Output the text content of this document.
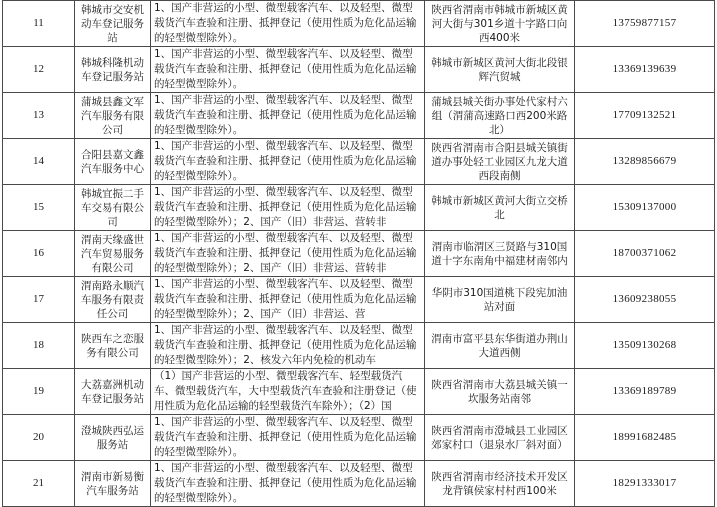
11	韩城市交安机动车登记服务站	1、国产非营运的小型、微型载客汽车、以及轻型、微型载货汽车查验和注册、抵押登记（使用性质为危化品运输的轻型微型除外）。	陕西省渭南市韩城市新城区黄河大街与301乡道十字路口向西400米	13759877157

12	韩城科隆机动车登记服务站	1、国产非营运的小型、微型载客汽车、以及轻型、微型载货汽车查验和注册、抵押登记（使用性质为危化品运输的轻型微型除外）。	韩城市新城区黄河大街北段银辉汽贸城	13369139639

13	蒲城县鑫文军汽车服务有限公司	1、国产非营运的小型、微型载客汽车、以及轻型、微型载货汽车查验和注册、抵押登记（使用性质为危化品运输的轻型微型除外）。	蒲城县城关街办事处代家村六组（渭蒲高速路口西200米路北）	17709132521

14	合阳县嘉文鑫汽车服务中心	1、国产非营运的小型、微型载客汽车、以及轻型、微型载货汽车查验和注册、抵押登记（使用性质为危化品运输的轻型微型除外）。	陕西省渭南市合阳县城关镇街道办事处轻工业园区九龙大道西段南侧	13289856679

15	韩城宜振二手车交易有限公司	1、国产非营运的小型、微型载客汽车、以及轻型、微型载货汽车查验和注册、抵押登记（使用性质为危化品运输的轻型微型除外）；2、国产（旧）非营运、营转非	韩城市新城区黄河大街立交桥北	15309137000

16	渭南天缘盛世汽车贸易服务有限公司	1、国产非营运的小型、微型载客汽车、以及轻型、微型载货汽车查验和注册、抵押登记（使用性质为危化品运输的轻型微型除外）；2、国产（旧）非营运、营转非	渭南市临渭区三贤路与310国道十字东南角中福建材南邻内	18700371062

17	渭南路永顺汽车服务有限责任公司	1、国产非营运的小型、微型载客汽车、以及轻型、微型载货汽车查验和注册、抵押登记（使用性质为危化品运输的轻型微型除外）；2、国产（旧）非营运、营	华阴市310国道桃下段宪加油站对面	13609238055

18	陕西车之恋服务有限公司	1、国产非营运的小型、微型载客汽车、以及轻型、微型载货汽车查验和注册、抵押登记（使用性质为危化品运输的轻型微型除外）；2、核发六年内免检的机动车	渭南市富平县东华街道办荆山大道西侧	13509130268

19	大荔嘉洲机动车登记服务站	（1）国产非营运的小型、微型载客汽车、轻型载货汽车、微型载货汽车，大中型载货汽车查验和注册登记（使用性质为危化品运输的轻型载货汽车除外）；（2）国	陕西省渭南市大荔县城关镇一坎服务站南邻	13369189789

20	澄城陕西弘运服务站	1、国产非营运的小型、微型载客汽车、以及轻型、微型载货汽车查验和注册、抵押登记（使用性质为危化品运输的轻型微型除外）。	陕西省渭南市澄城县工业园区郊家村口（退泉水厂斜对面）	18991682485

21	渭南市新易衡汽车服务站	1、国产非营运的小型、微型载客汽车、以及轻型、微型载货汽车查验和注册、抵押登记（使用性质为危化品运输的轻型微型除外）。	陕西省渭南市经济技术开发区龙背镇侯家村村西100米	18291333017
